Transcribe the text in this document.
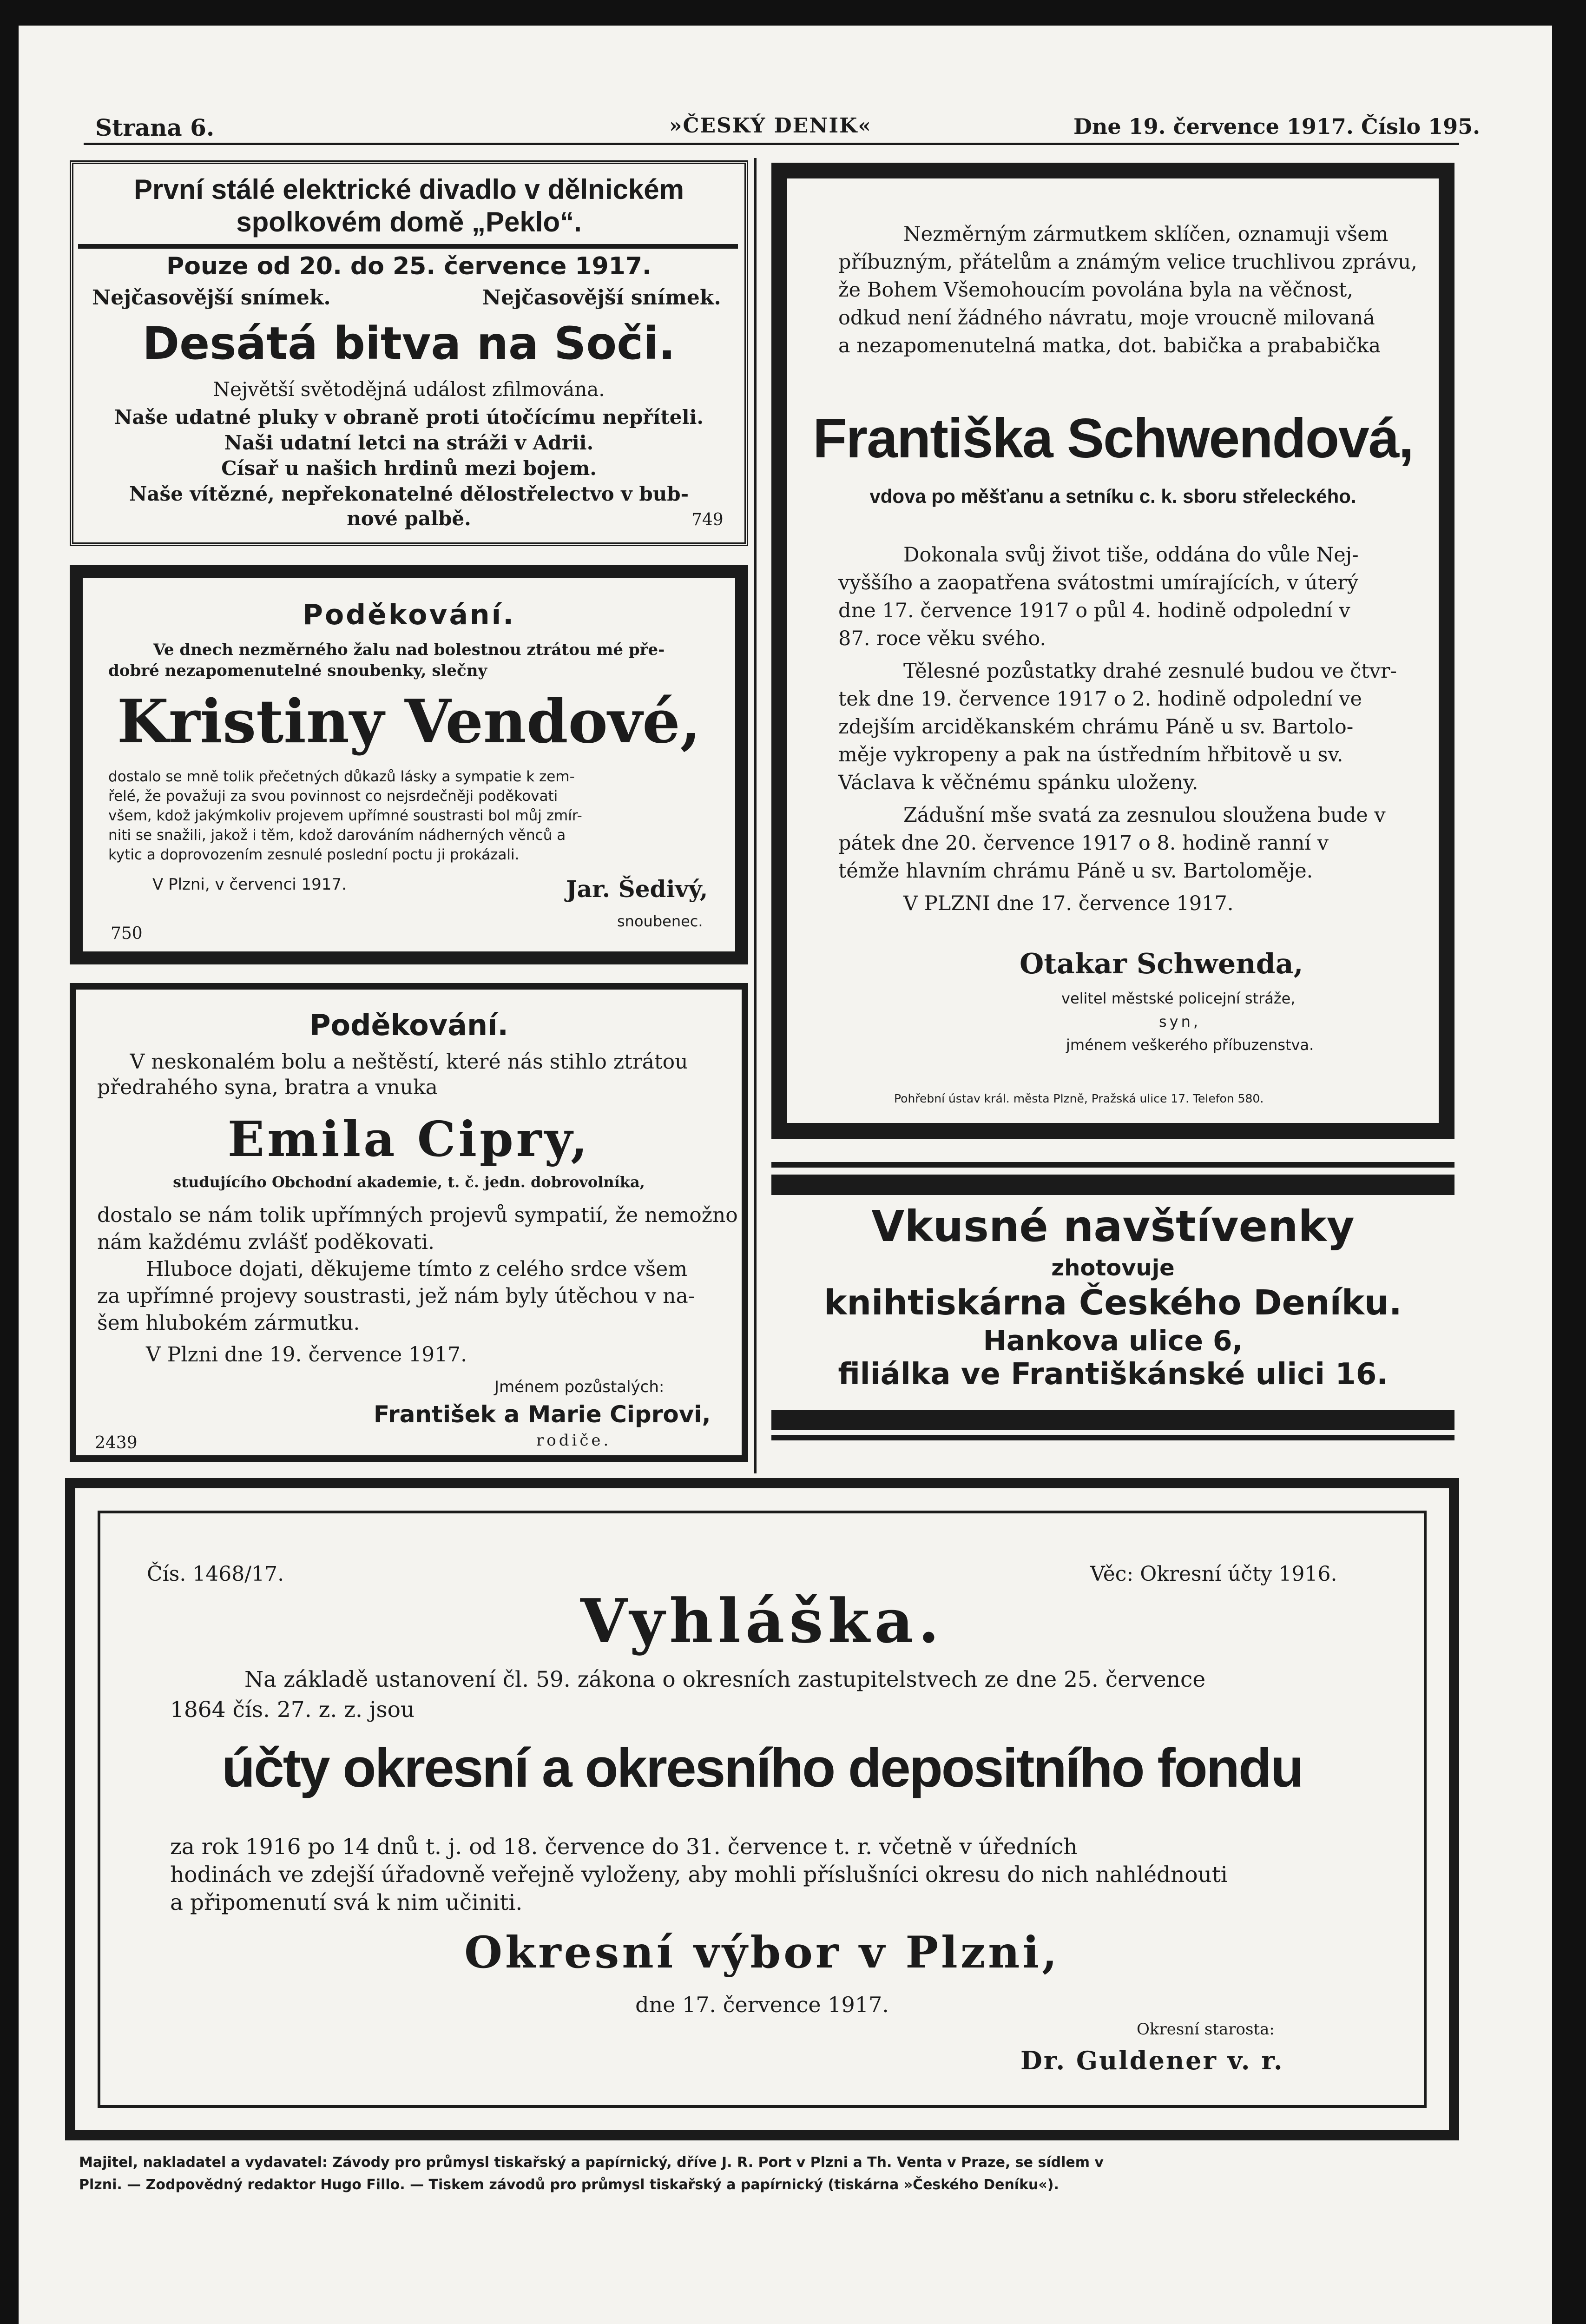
Strana 6.	»ČESKÝ DENIK«	Dne 19. července 1917. Číslo 195.
První stálé elektrické divadlo v dělnickém
spolkovém domě „Peklo“.
Pouze od 20. do 25. července 1917.
Nejčasovější snímek.	Nejčasovější snímek.
Desátá bitva na Soči.
Největší světodějná událost zfilmována.
Naše udatné pluky v obraně proti útočícímu nepříteli.
Naši udatní letci na stráži v Adrii.
Císař u našich hrdinů mezi bojem.
Naše vítězné, nepřekonatelné dělostřelectvo v bub-
nové palbě.	749
Poděkování.
Ve dnech nezměrného žalu nad bolestnou ztrátou mé pře-
dobré nezapomenutelné snoubenky, slečny
Kristiny Vendové,
dostalo se mně tolik přečetných důkazů lásky a sympatie k zem-
řelé, že považuji za svou povinnost co nejsrdečněji poděkovati
všem, kdož jakýmkoliv projevem upřímné soustrasti bol můj zmír-
niti se snažili, jakož i těm, kdož darováním nádherných věnců a
kytic a doprovozením zesnulé poslední poctu ji prokázali.
V Plzni, v červenci 1917.	Jar. Šedivý,
snoubenec.
750
Poděkování.
V neskonalém bolu a neštěstí, které nás stihlo ztrátou
předrahého syna, bratra a vnuka
Emila Cipry,
studujícího Obchodní akademie, t. č. jedn. dobrovolníka,
dostalo se nám tolik upřímných projevů sympatií, že nemožno
nám každému zvlášť poděkovati.
Hluboce dojati, děkujeme tímto z celého srdce všem
za upřímné projevy soustrasti, jež nám byly útěchou v na-
šem hlubokém zármutku.
V Plzni dne 19. července 1917.
Jménem pozůstalých:
František a Marie Ciprovi,
rodiče.
2439
Nezměrným zármutkem sklíčen, oznamuji všem
příbuzným, přátelům a známým velice truchlivou zprávu,
že Bohem Všemohoucím povolána byla na věčnost,
odkud není žádného návratu, moje vroucně milovaná
a nezapomenutelná matka, dot. babička a prababička
Františka Schwendová,
vdova po měšťanu a setníku c. k. sboru střeleckého.
Dokonala svůj život tiše, oddána do vůle Nej-
vyššího a zaopatřena svátostmi umírajících, v úterý
dne 17. července 1917 o půl 4. hodině odpolední v
87. roce věku svého.
Tělesné pozůstatky drahé zesnulé budou ve čtvr-
tek dne 19. července 1917 o 2. hodině odpolední ve
zdejším arciděkanském chrámu Páně u sv. Bartolo-
měje vykropeny a pak na ústředním hřbitově u sv.
Václava k věčnému spánku uloženy.
Zádušní mše svatá za zesnulou sloužena bude v
pátek dne 20. července 1917 o 8. hodině ranní v
témže hlavním chrámu Páně u sv. Bartoloměje.
V PLZNI dne 17. července 1917.
Otakar Schwenda,
velitel městské policejní stráže,
syn,
jménem veškerého příbuzenstva.
Pohřební ústav král. města Plzně, Pražská ulice 17. Telefon 580.
Vkusné navštívenky
zhotovuje
knihtiskárna Českého Deníku.
Hankova ulice 6,
filiálka ve Františkánské ulici 16.
Čís. 1468/17.	Věc: Okresní účty 1916.
Vyhláška.
Na základě ustanovení čl. 59. zákona o okresních zastupitelstvech ze dne 25. července
1864 čís. 27. z. z. jsou
účty okresní a okresního depositního fondu
za rok 1916 po 14 dnů t. j. od 18. července do 31. července t. r. včetně v úředních
hodinách ve zdejší úřadovně veřejně vyloženy, aby mohli příslušníci okresu do nich nahlédnouti
a připomenutí svá k nim učiniti.
Okresní výbor v Plzni,
dne 17. července 1917.
Okresní starosta:
Dr. Guldener v. r.
Majitel, nakladatel a vydavatel: Závody pro průmysl tiskařský a papírnický, dříve J. R. Port v Plzni a Th. Venta v Praze, se sídlem v
Plzni. — Zodpovědný redaktor Hugo Fillo. — Tiskem závodů pro průmysl tiskařský a papírnický (tiskárna »Českého Deníku«).
